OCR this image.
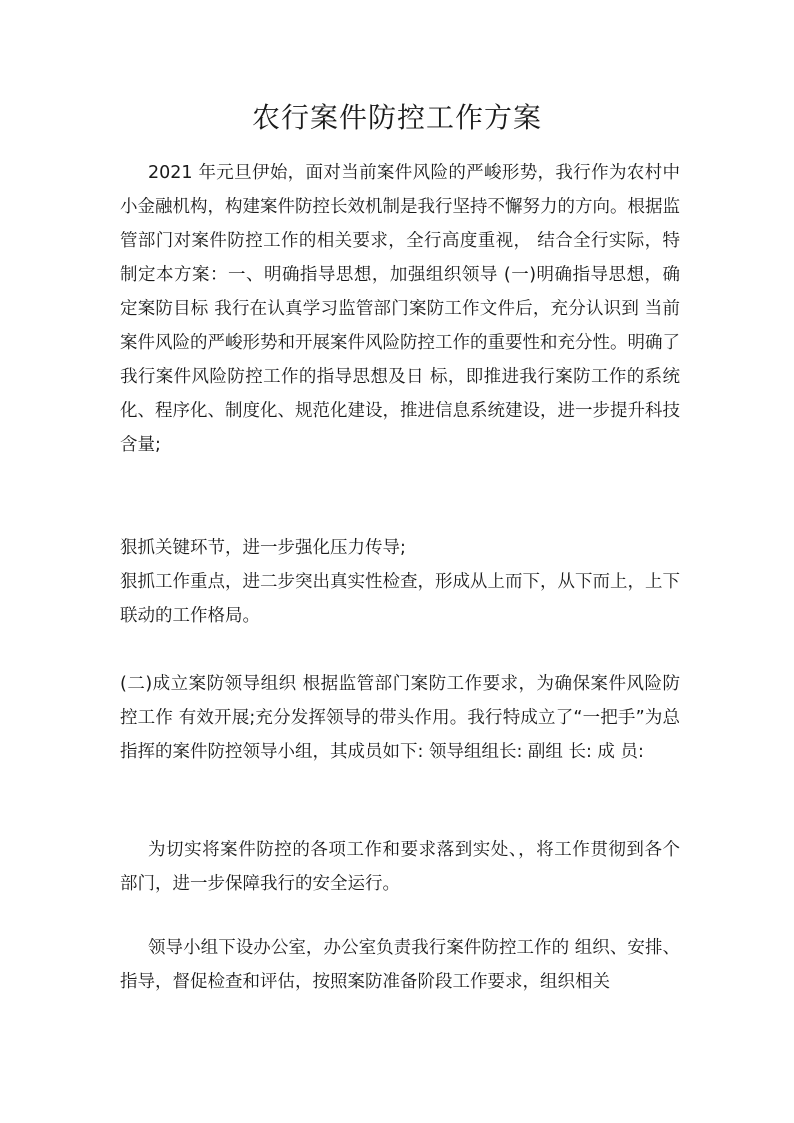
农行案件防控工作方案

2021 年元旦伊始，面对当前案件风险的严峻形势，我行作为农村中小金融机构，构建案件防控长效机制是我行坚持不懈努力的方向。根据监管部门对案件防控工作的相关要求，全行高度重视， 结合全行实际，特制定本方案：一、明确指导思想，加强组织领导 (一)明确指导思想，确定案防目标 我行在认真学习监管部门案防工作文件后，充分认识到 当前案件风险的严峻形势和开展案件风险防控工作的重要性和充分性。明确了我行案件风险防控工作的指导思想及日 标，即推进我行案防工作的系统化、程序化、制度化、规范化建设，推进信息系统建设，进一步提升科技含量;

狠抓关键环节，进一步强化压力传导;

狠抓工作重点，进二步突出真实性检查，形成从上而下，从下而上，上下联动的工作格局。

(二)成立案防领导组织 根据监管部门案防工作要求，为确保案件风险防控工作 有效开展;充分发挥领导的带头作用。我行特成立了“一把手”为总指挥的案件防控领导小组，其成员如下: 领导组组长: 副组 长: 成 员:

为切实将案件防控的各项工作和要求落到实处、，将工作贯彻到各个部门，进一步保障我行的安全运行。

领导小组下设办公室，办公室负责我行案件防控工作的 组织、安排、指导，督促检查和评估，按照案防准备阶段工作要求，组织相关
